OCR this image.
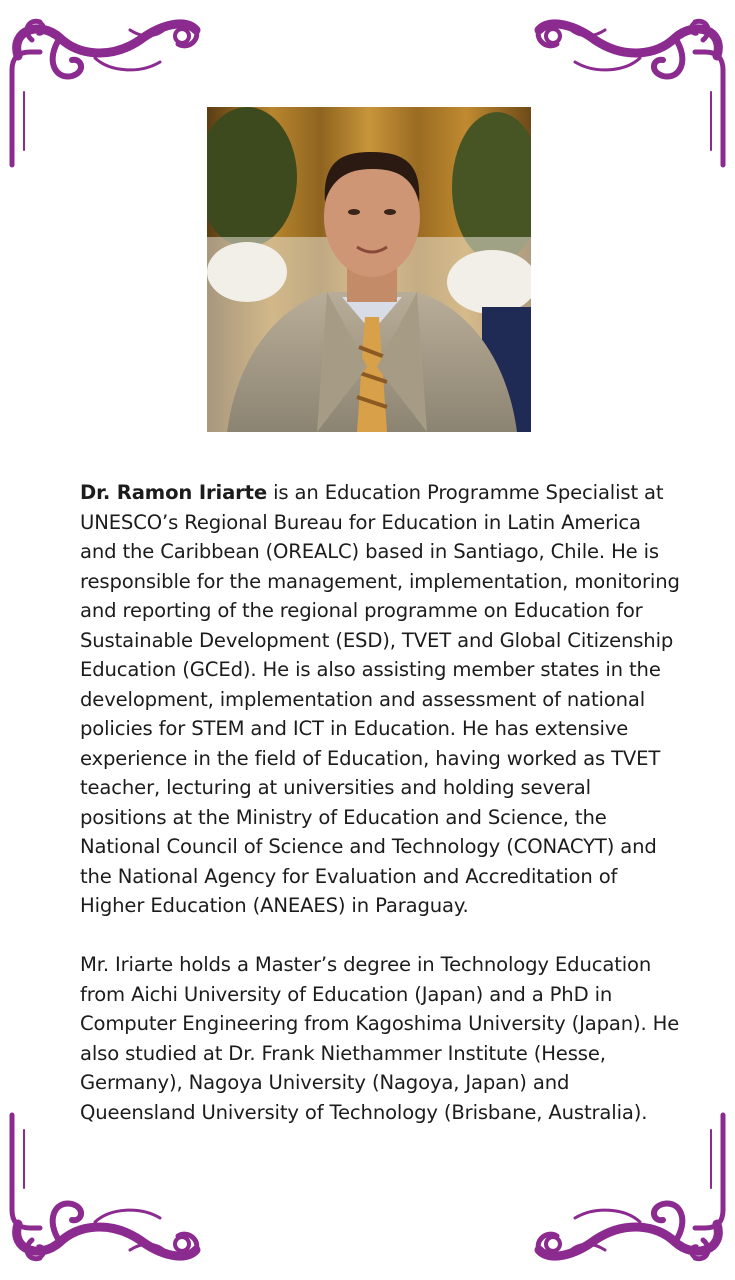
Dr. Ramon Iriarte is an Education Programme Specialist at UNESCO’s Regional Bureau for Education in Latin America and the Caribbean (OREALC) based in Santiago, Chile. He is responsible for the management, implementation, monitoring and reporting of the regional programme on Education for Sustainable Development (ESD), TVET and Global Citizenship Education (GCEd). He is also assisting member states in the development, implementation and assessment of national policies for STEM and ICT in Education. He has extensive experience in the field of Education, having worked as TVET teacher, lecturing at universities and holding several positions at the Ministry of Education and Science, the National Council of Science and Technology (CONACYT) and the National Agency for Evaluation and Accreditation of Higher Education (ANEAES) in Paraguay.

Mr. Iriarte holds a Master’s degree in Technology Education from Aichi University of Education (Japan) and a PhD in Computer Engineering from Kagoshima University (Japan). He also studied at Dr. Frank Niethammer Institute (Hesse, Germany), Nagoya University (Nagoya, Japan) and Queensland University of Technology (Brisbane, Australia).
